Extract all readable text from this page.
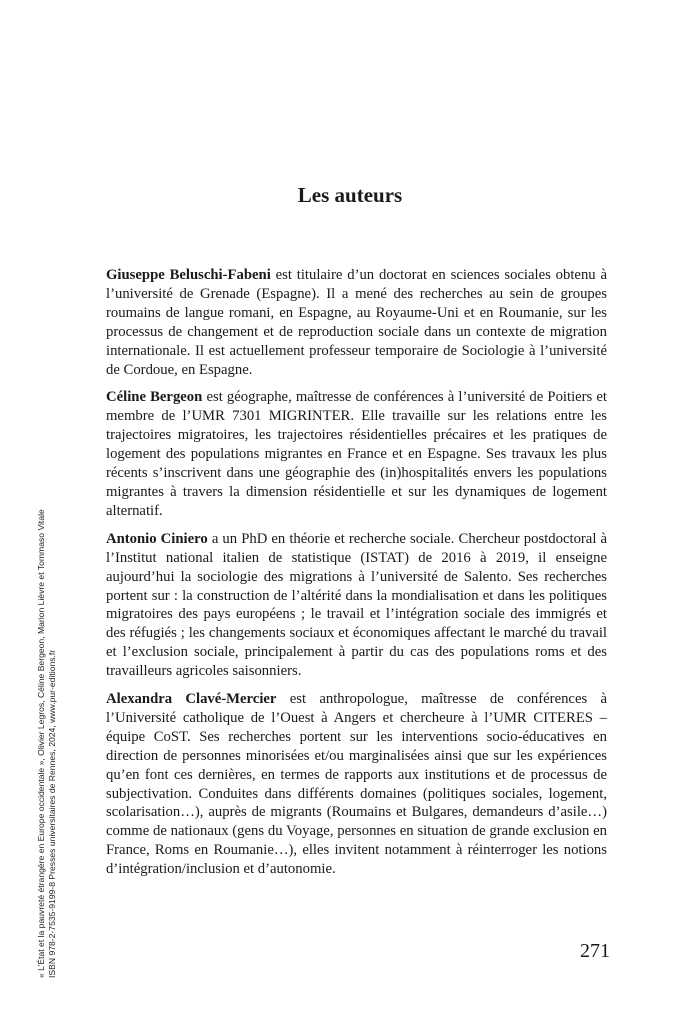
Les auteurs

Giuseppe Beluschi-Fabeni est titulaire d’un doctorat en sciences sociales obtenu à l’université de Grenade (Espagne). Il a mené des recherches au sein de groupes roumains de langue romani, en Espagne, au Royaume-Uni et en Roumanie, sur les processus de changement et de reproduction sociale dans un contexte de migration internationale. Il est actuellement professeur temporaire de Sociologie à l’université de Cordoue, en Espagne.

Céline Bergeon est géographe, maîtresse de conférences à l’université de Poitiers et membre de l’UMR 7301 MIGRINTER. Elle travaille sur les relations entre les trajectoires migratoires, les trajectoires résidentielles précaires et les pratiques de logement des populations migrantes en France et en Espagne. Ses travaux les plus récents s’inscrivent dans une géographie des (in)hospitalités envers les populations migrantes à travers la dimension résidentielle et sur les dynamiques de logement alternatif.

Antonio Ciniero a un PhD en théorie et recherche sociale. Chercheur postdoctoral à l’Institut national italien de statistique (ISTAT) de 2016 à 2019, il enseigne aujourd’hui la sociologie des migrations à l’université de Salento. Ses recherches portent sur : la construction de l’altérité dans la mondialisation et dans les politiques migratoires des pays européens ; le travail et l’intégration sociale des immigrés et des réfugiés ; les changements sociaux et économiques affectant le marché du travail et l’exclusion sociale, principalement à partir du cas des populations roms et des travailleurs agricoles saisonniers.

Alexandra Clavé-Mercier est anthropologue, maîtresse de conférences à l’Université catholique de l’Ouest à Angers et chercheure à l’UMR CITERES – équipe CoST. Ses recherches portent sur les interventions socio-éducatives en direction de personnes minorisées et/ou marginalisées ainsi que sur les expériences qu’en font ces dernières, en termes de rapports aux institutions et de processus de subjectivation. Conduites dans différents domaines (politiques sociales, logement, scolarisation…), auprès de migrants (Roumains et Bulgares, demandeurs d’asile…) comme de nationaux (gens du Voyage, personnes en situation de grande exclusion en France, Roms en Roumanie…), elles invitent notamment à réinterroger les notions d’intégration/inclusion et d’autonomie.

271

« L’État et la pauvreté étrangère en Europe occidentale », Olivier Legros, Céline Bergeon, Marion Lièvre et Tommaso Vitale ISBN 978-2-7535-9199-8 Presses universitaires de Rennes, 2024, www.pur-editions.fr
